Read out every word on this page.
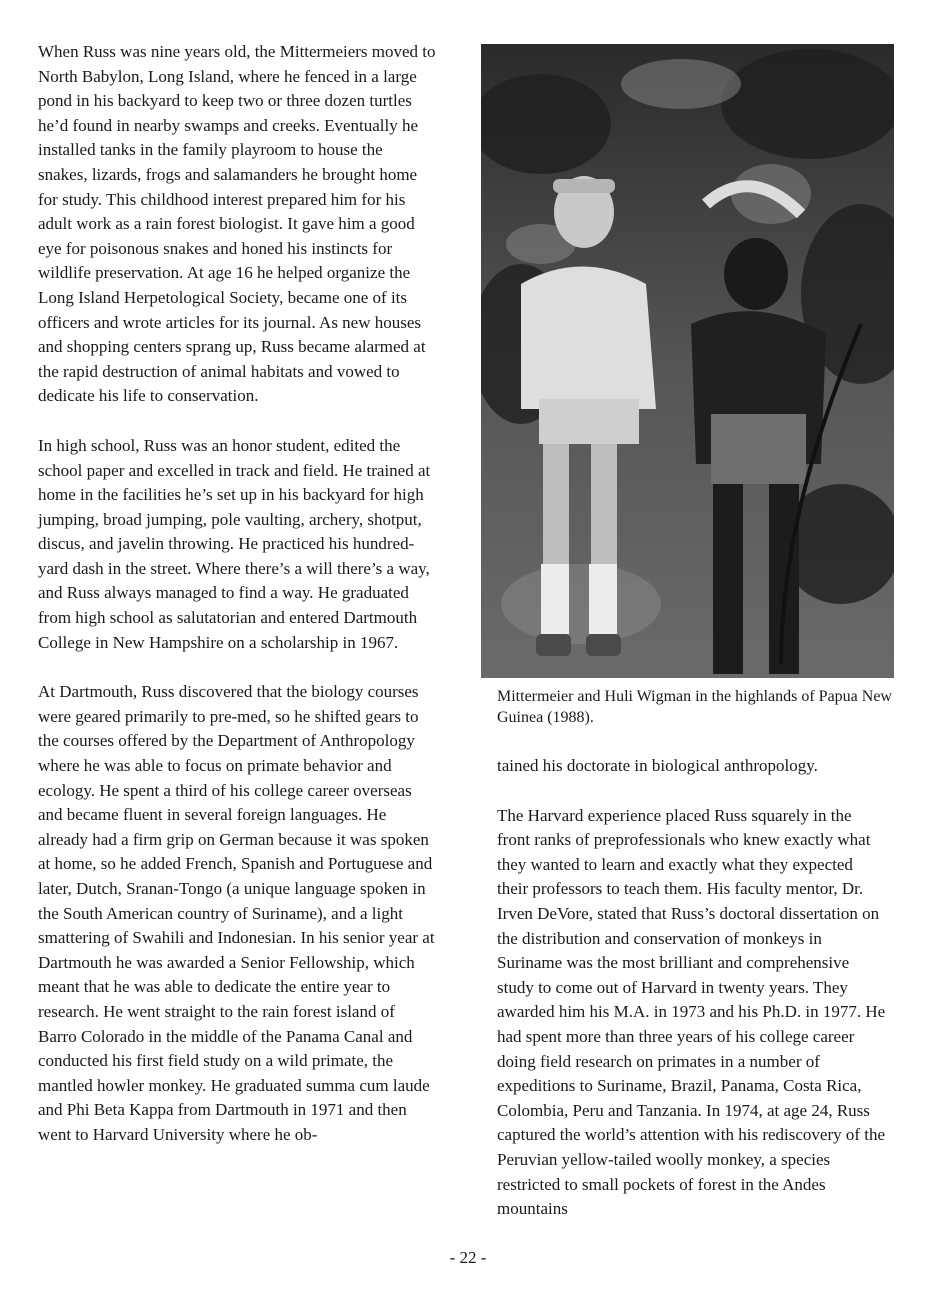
When Russ was nine years old, the Mittermeiers moved to North Babylon, Long Island, where he fenced in a large pond in his backyard to keep two or three dozen turtles he’d found in nearby swamps and creeks. Eventually he installed tanks in the family playroom to house the snakes, lizards, frogs and salamanders he brought home for study. This childhood interest prepared him for his adult work as a rain forest biologist. It gave him a good eye for poisonous snakes and honed his instincts for wildlife preservation. At age 16 he helped organize the Long Island Herpetological Society, became one of its officers and wrote articles for its journal. As new houses and shopping centers sprang up, Russ became alarmed at the rapid destruction of animal habitats and vowed to dedicate his life to conservation.

In high school, Russ was an honor student, edited the school paper and excelled in track and field. He trained at home in the facilities he’s set up in his backyard for high jumping, broad jumping, pole vaulting, archery, shotput, discus, and javelin throwing. He practiced his hundred-yard dash in the street. Where there’s a will there’s a way, and Russ always managed to find a way. He graduated from high school as salutatorian and entered Dartmouth College in New Hampshire on a scholarship in 1967.

At Dartmouth, Russ discovered that the biology courses were geared primarily to pre-med, so he shifted gears to the courses offered by the Department of Anthropology where he was able to focus on primate behavior and ecology. He spent a third of his college career overseas and became fluent in several foreign languages. He already had a firm grip on German because it was spoken at home, so he added French, Spanish and Portuguese and later, Dutch, Sranan-Tongo (a unique language spoken in the South American country of Suriname), and a light smattering of Swahili and Indonesian. In his senior year at Dartmouth he was awarded a Senior Fellowship, which meant that he was able to dedicate the entire year to research. He went straight to the rain forest island of Barro Colorado in the middle of the Panama Canal and conducted his first field study on a wild primate, the mantled howler monkey. He graduated summa cum laude and Phi Beta Kappa from Dartmouth in 1971 and then went to Harvard University where he ob-

Mittermeier and Huli Wigman in the highlands of Papua New Guinea (1988).

tained his doctorate in biological anthropology.

The Harvard experience placed Russ squarely in the front ranks of preprofessionals who knew exactly what they wanted to learn and exactly what they expected their professors to teach them. His faculty mentor, Dr. Irven DeVore, stated that Russ’s doctoral dissertation on the distribution and conservation of monkeys in Suriname was the most brilliant and comprehensive study to come out of Harvard in twenty years. They awarded him his M.A. in 1973 and his Ph.D. in 1977. He had spent more than three years of his college career doing field research on primates in a number of expeditions to Suriname, Brazil, Panama, Costa Rica, Colombia, Peru and Tanzania. In 1974, at age 24, Russ captured the world’s attention with his rediscovery of the Peruvian yellow-tailed woolly monkey, a species restricted to small pockets of forest in the Andes mountains

- 22 -
